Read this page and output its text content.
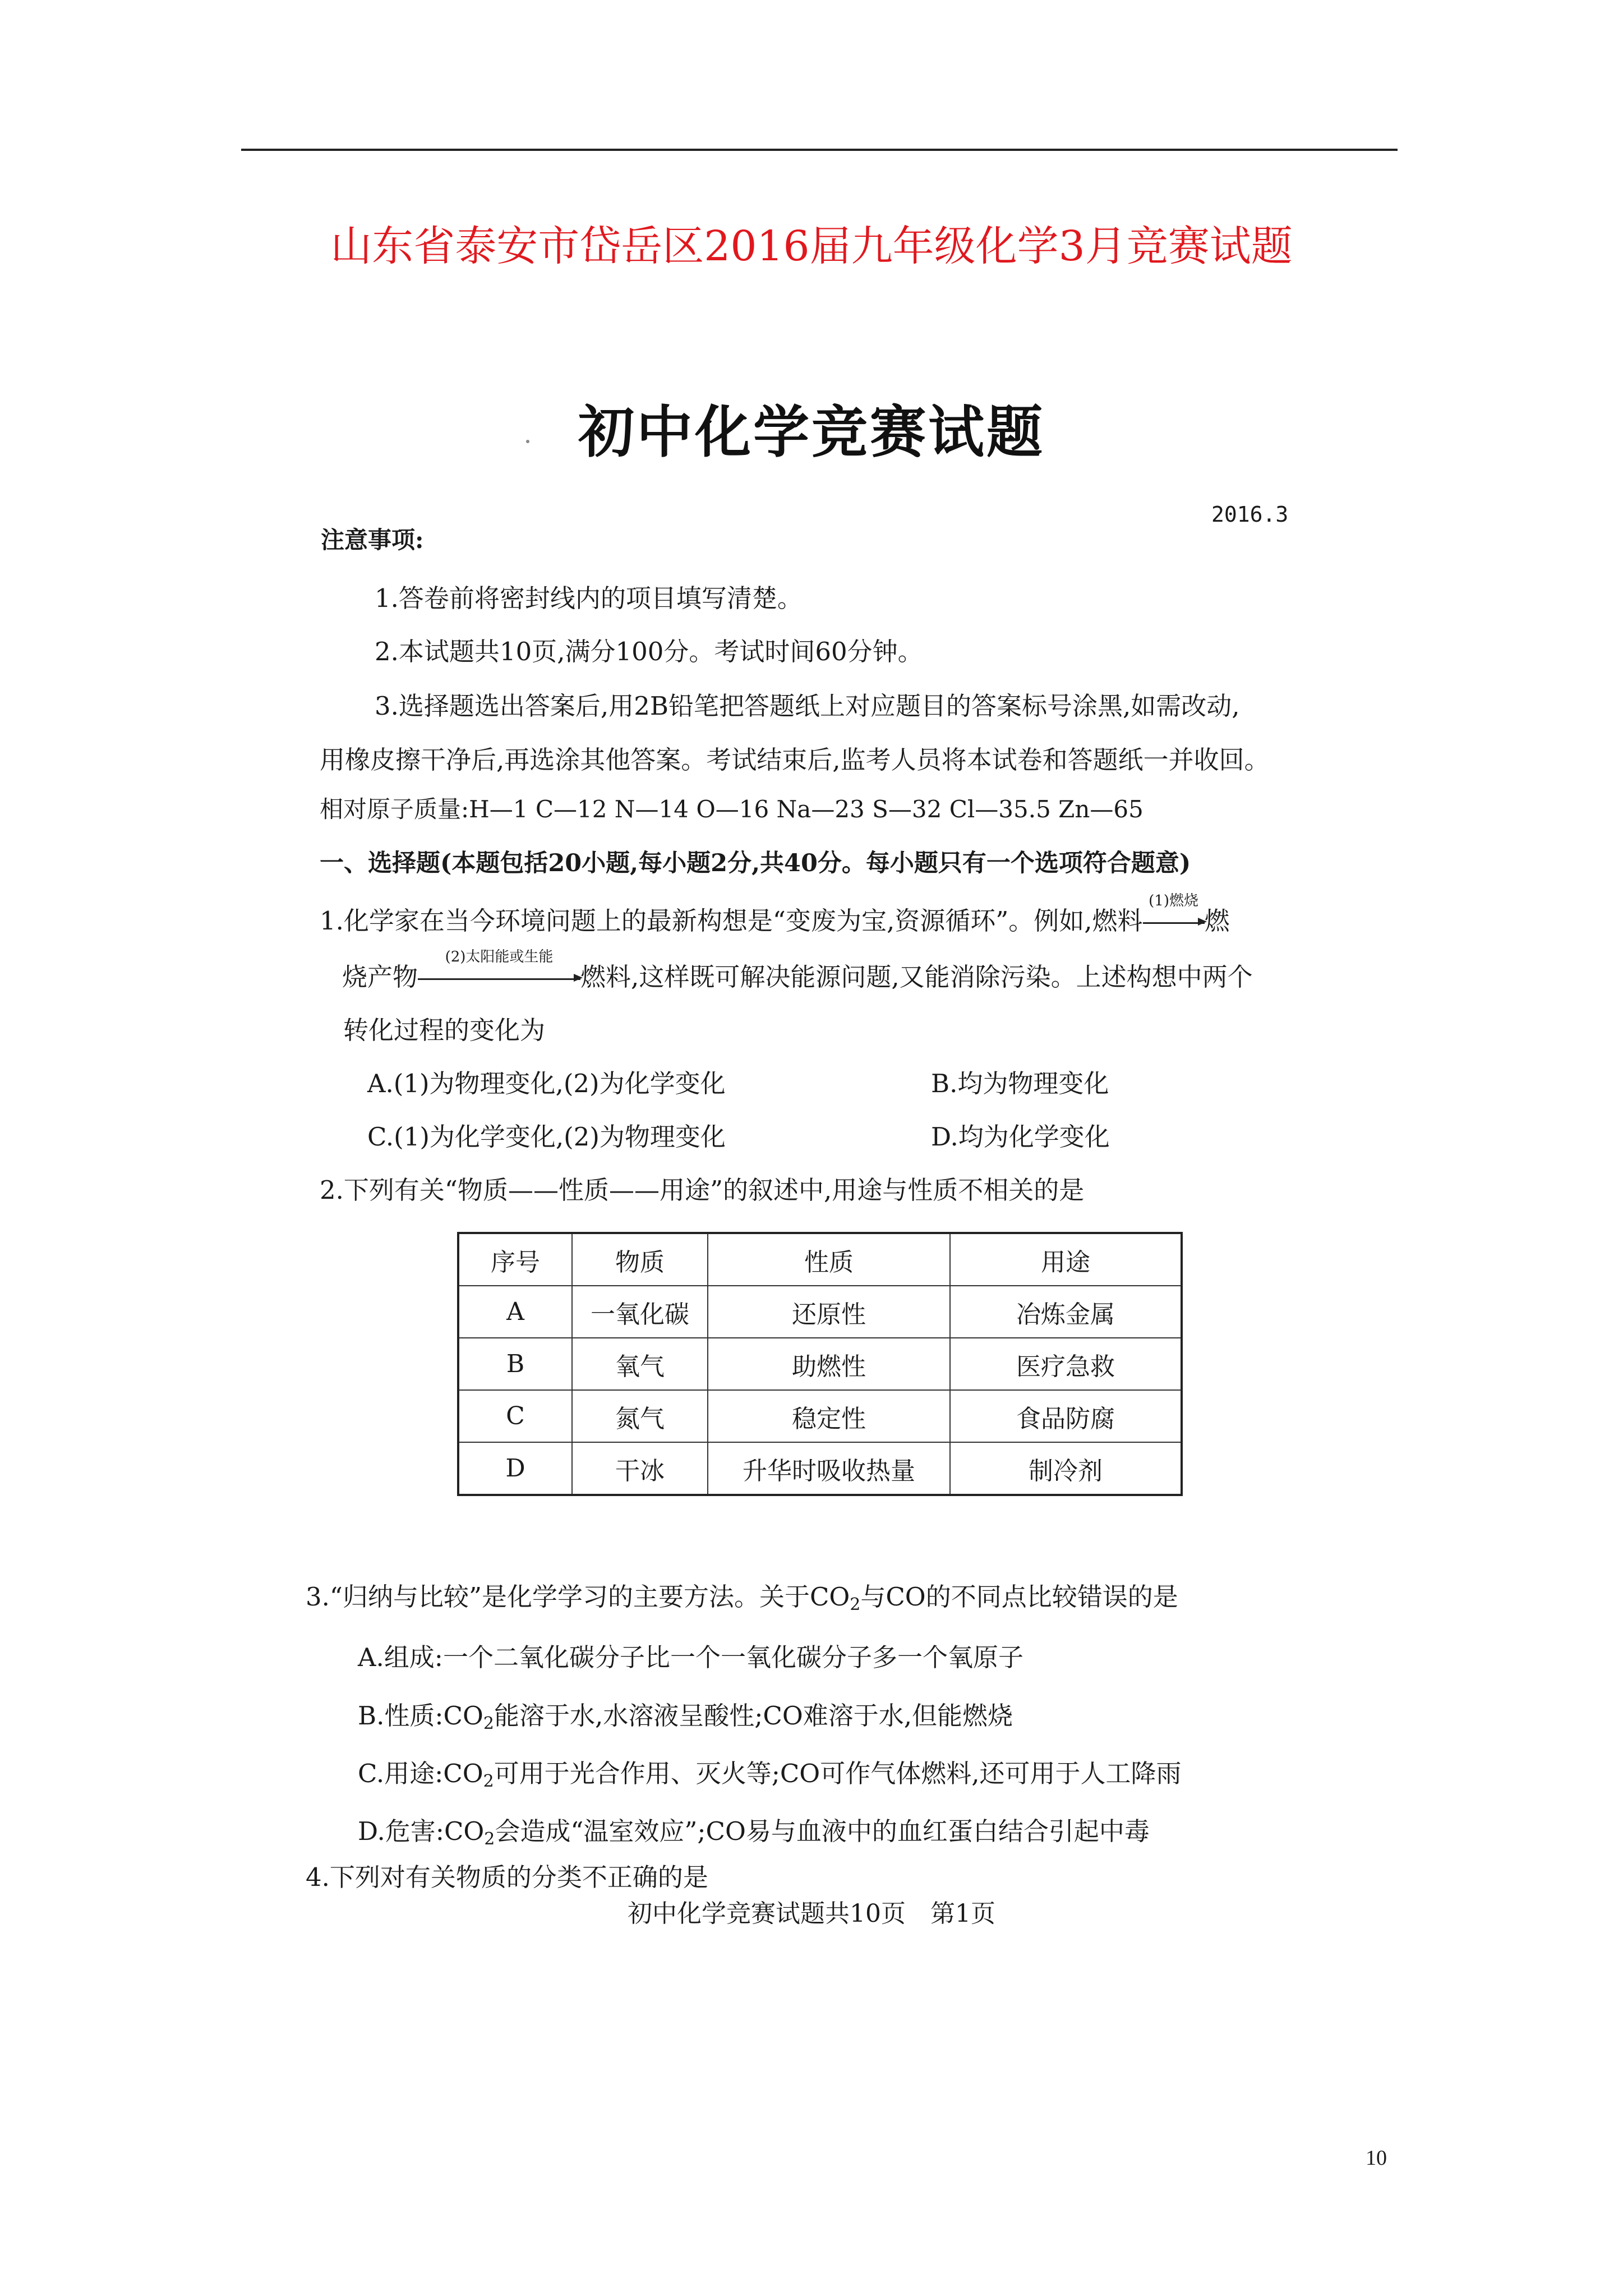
山东省泰安市岱岳区2016届九年级化学3月竞赛试题
初中化学竞赛试题
2016.3
注意事项:
1.答卷前将密封线内的项目填写清楚。
2.本试题共10页,满分100分。考试时间60分钟。
3.选择题选出答案后,用2B铅笔把答题纸上对应题目的答案标号涂黑,如需改动,
用橡皮擦干净后,再选涂其他答案。考试结束后,监考人员将本试卷和答题纸一并收回。
相对原子质量:H—1 C—12 N—14 O—16 Na—23 S—32 Cl—35.5 Zn—65
一、选择题(本题包括20小题,每小题2分,共40分。每小题只有一个选项符合题意)
1.化学家在当今环境问题上的最新构想是“变废为宝,资源循环”。例如,燃料
(1)燃烧
燃
烧产物
(2)太阳能或生能
燃料,这样既可解决能源问题,又能消除污染。上述构想中两个
转化过程的变化为
A.(1)为物理变化,(2)为化学变化	B.均为物理变化
C.(1)为化学变化,(2)为物理变化	D.均为化学变化
2.下列有关“物质——性质——用途”的叙述中,用途与性质不相关的是
序号	物质	性质	用途
A	一氧化碳	还原性	冶炼金属
B	氧气	助燃性	医疗急救
C	氮气	稳定性	食品防腐
D	干冰	升华时吸收热量	制冷剂
3.“归纳与比较”是化学学习的主要方法。关于$CO_2$与CO的不同点比较错误的是
A.组成:一个二氧化碳分子比一个一氧化碳分子多一个氧原子
B.性质$:CO_2$能溶于水,水溶液呈酸性;CO难溶于水,但能燃烧
C.用途$:CO_2$可用于光合作用、灭火等;CO可作气体燃料,还可用于人工降雨
D.危害$:CO_2$会造成“温室效应”;CO易与血液中的血红蛋白结合引起中毒
4.下列对有关物质的分类不正确的是
初中化学竞赛试题共10页　第1页
10
